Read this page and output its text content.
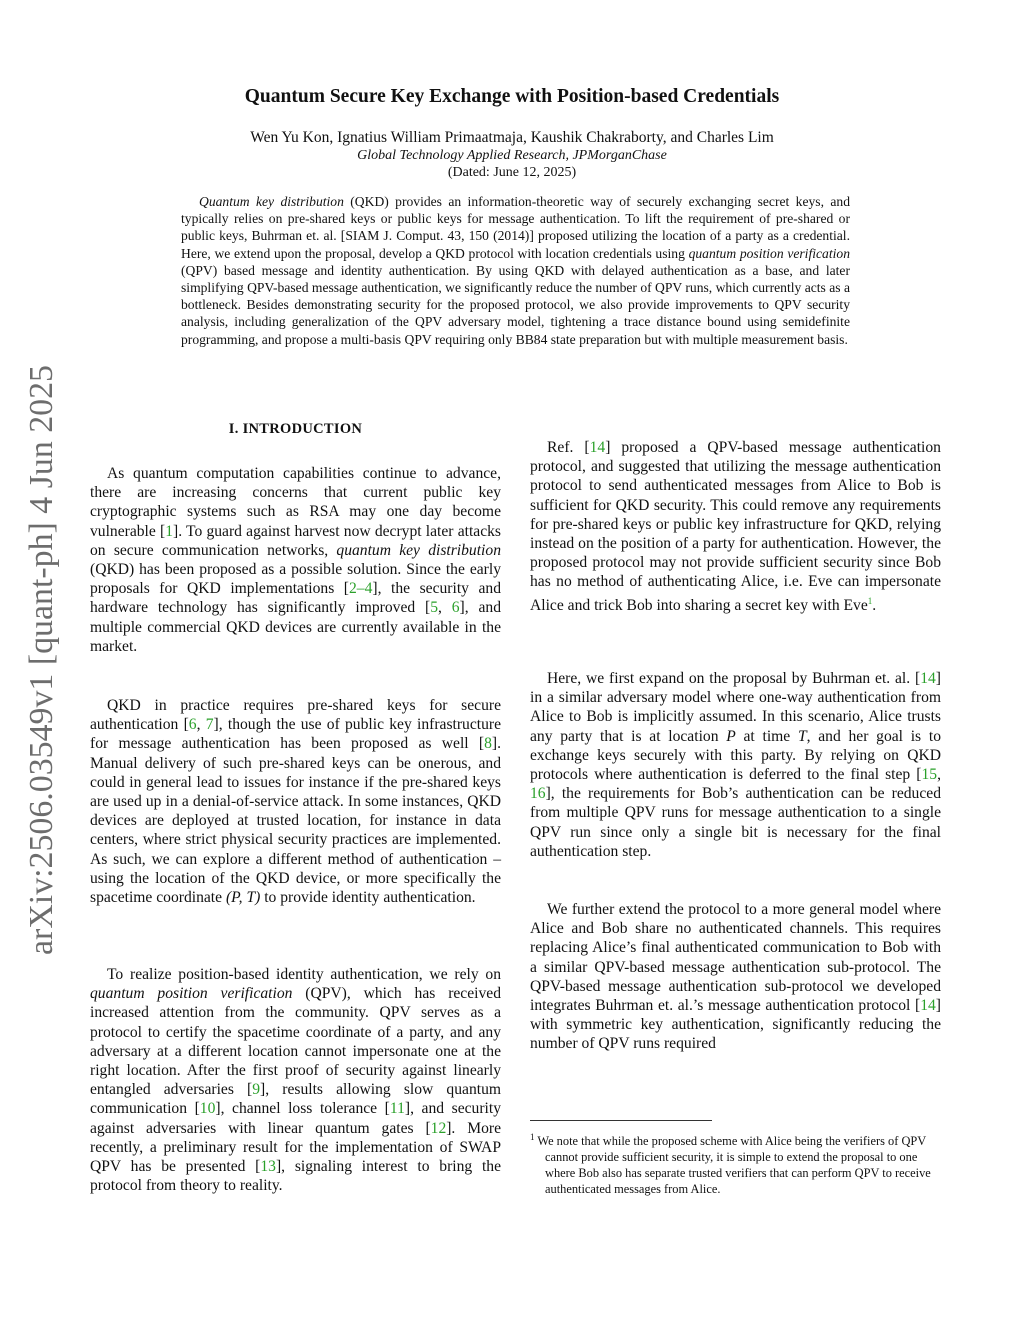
arXiv:2506.03549v1 [quant-ph] 4 Jun 2025
Quantum Secure Key Exchange with Position-based Credentials
Wen Yu Kon, Ignatius William Primaatmaja, Kaushik Chakraborty, and Charles Lim
Global Technology Applied Research, JPMorganChase
(Dated: June 12, 2025)

Quantum key distribution (QKD) provides an information-theoretic way of securely exchanging secret keys, and typically relies on pre-shared keys or public keys for message authentication. To lift the requirement of pre-shared or public keys, Buhrman et. al. [SIAM J. Comput. 43, 150 (2014)] proposed utilizing the location of a party as a credential. Here, we extend upon the proposal, develop a QKD protocol with location credentials using quantum position verification (QPV) based message and identity authentication. By using QKD with delayed authentication as a base, and later simplifying QPV-based message authentication, we significantly reduce the number of QPV runs, which currently acts as a bottleneck. Besides demonstrating security for the proposed protocol, we also provide improvements to QPV security analysis, including generalization of the QPV adversary model, tightening a trace distance bound using semidefinite programming, and propose a multi-basis QPV requiring only BB84 state preparation but with multiple measurement basis.

I. INTRODUCTION

As quantum computation capabilities continue to advance, there are increasing concerns that current public key cryptographic systems such as RSA may one day become vulnerable [1]. To guard against harvest now decrypt later attacks on secure communication networks, quantum key distribution (QKD) has been proposed as a possible solution. Since the early proposals for QKD implementations [2–4], the security and hardware technology has significantly improved [5, 6], and multiple commercial QKD devices are currently available in the market.

QKD in practice requires pre-shared keys for secure authentication [6, 7], though the use of public key infrastructure for message authentication has been proposed as well [8]. Manual delivery of such pre-shared keys can be onerous, and could in general lead to issues for instance if the pre-shared keys are used up in a denial-of-service attack. In some instances, QKD devices are deployed at trusted location, for instance in data centers, where strict physical security practices are implemented. As such, we can explore a different method of authentication – using the location of the QKD device, or more specifically the spacetime coordinate (P, T) to provide identity authentication.

To realize position-based identity authentication, we rely on quantum position verification (QPV), which has received increased attention from the community. QPV serves as a protocol to certify the spacetime coordinate of a party, and any adversary at a different location cannot impersonate one at the right location. After the first proof of security against linearly entangled adversaries [9], results allowing slow quantum communication [10], channel loss tolerance [11], and security against adversaries with linear quantum gates [12]. More recently, a preliminary result for the implementation of SWAP QPV has be presented [13], signaling interest to bring the protocol from theory to reality.

Ref. [14] proposed a QPV-based message authentication protocol, and suggested that utilizing the message authentication protocol to send authenticated messages from Alice to Bob is sufficient for QKD security. This could remove any requirements for pre-shared keys or public key infrastructure for QKD, relying instead on the position of a party for authentication. However, the proposed protocol may not provide sufficient security since Bob has no method of authenticating Alice, i.e. Eve can impersonate Alice and trick Bob into sharing a secret key with Eve$^1$.

Here, we first expand on the proposal by Buhrman et. al. [14] in a similar adversary model where one-way authentication from Alice to Bob is implicitly assumed. In this scenario, Alice trusts any party that is at location P at time T, and her goal is to exchange keys securely with this party. By relying on QKD protocols where authentication is deferred to the final step [15, 16], the requirements for Bob’s authentication can be reduced from multiple QPV runs for message authentication to a single QPV run since only a single bit is necessary for the final authentication step.

We further extend the protocol to a more general model where Alice and Bob share no authenticated channels. This requires replacing Alice’s final authenticated communication to Bob with a similar QPV-based message authentication sub-protocol. The QPV-based message authentication sub-protocol we developed integrates Buhrman et. al.’s message authentication protocol [14] with symmetric key authentication, significantly reducing the number of QPV runs required

$^1$ We note that while the proposed scheme with Alice being the verifiers of QPV cannot provide sufficient security, it is simple to extend the proposal to one where Bob also has separate trusted verifiers that can perform QPV to receive authenticated messages from Alice.
